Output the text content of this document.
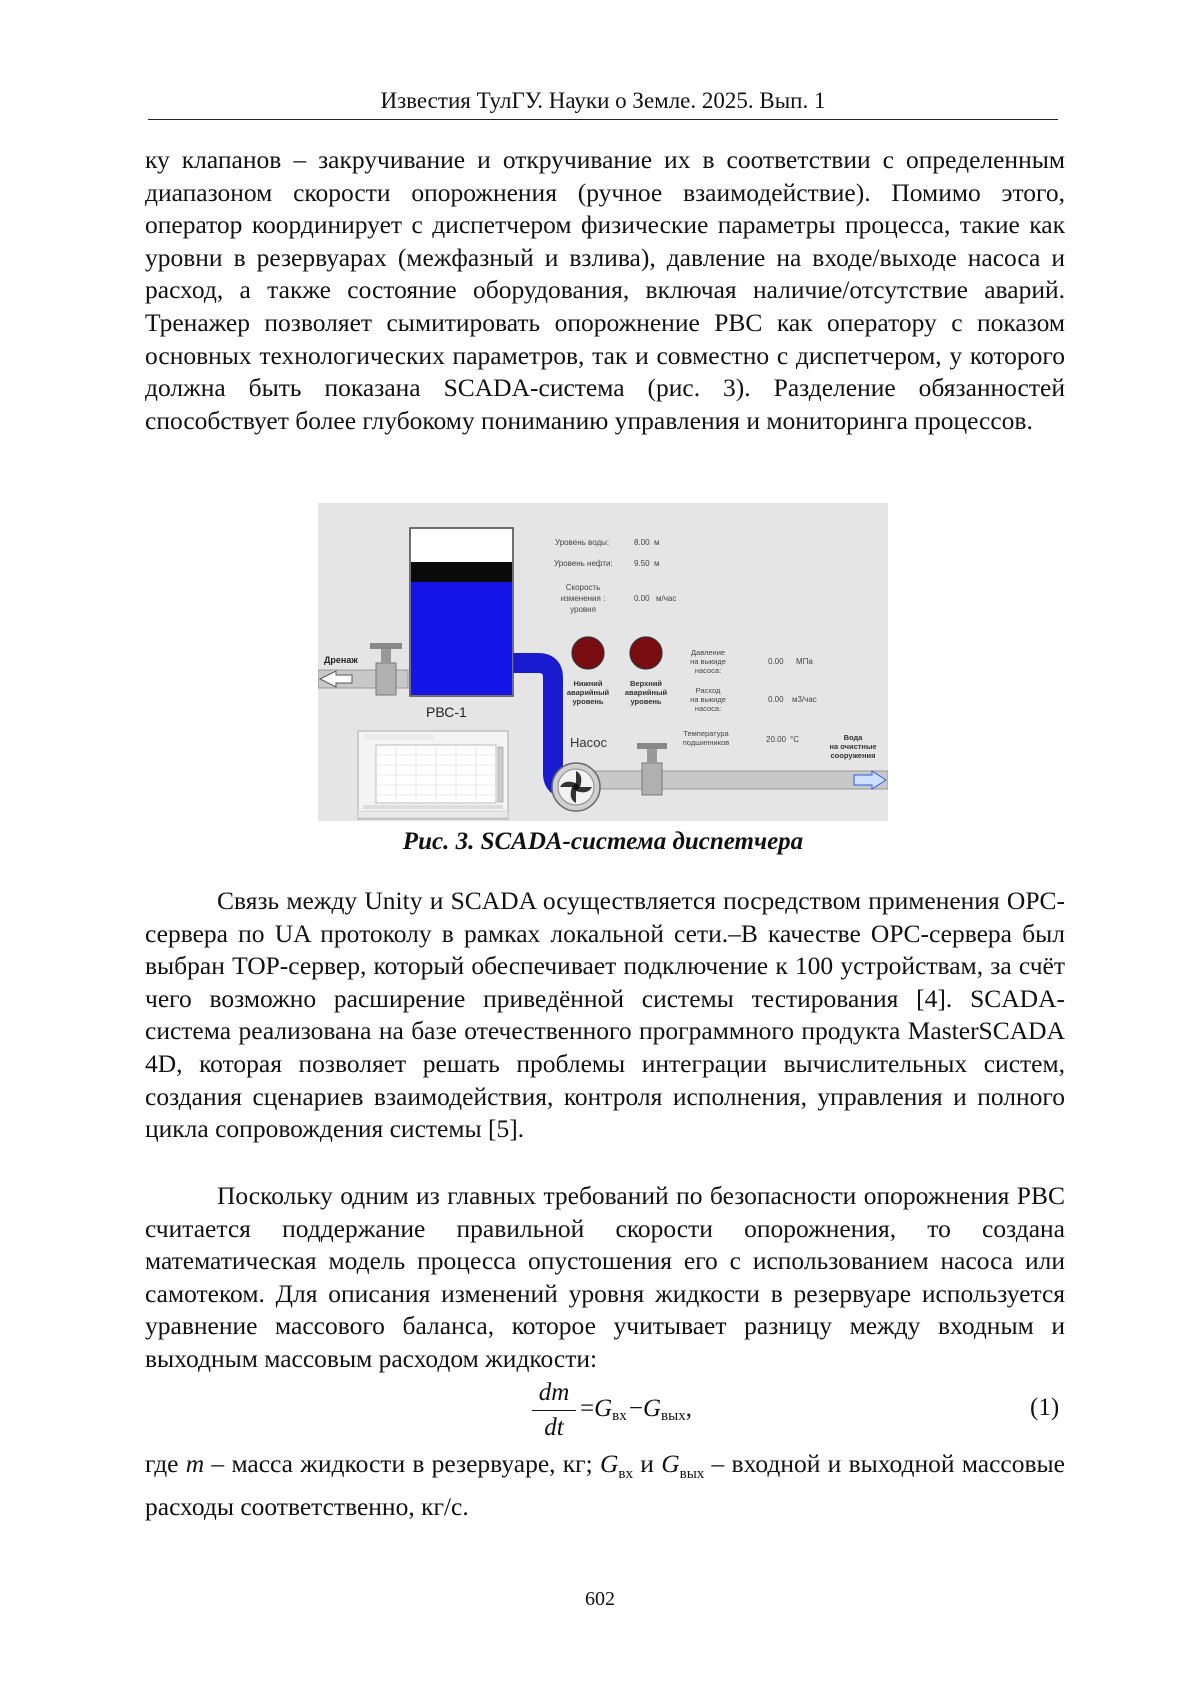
Известия ТулГУ. Науки о Земле. 2025. Вып. 1

ку клапанов – закручивание и откручивание их в соответствии с определенным диапазоном скорости опорожнения (ручное взаимодействие). Помимо этого, оператор координирует с диспетчером физические параметры процесса, такие как уровни в резервуарах (межфазный и взлива), давление на входе/выходе насоса и расход, а также состояние оборудования, включая наличие/отсутствие аварий. Тренажер позволяет сымитировать опорожнение РВС как оператору с показом основных технологических параметров, так и совместно с диспетчером, у которого должна быть показана SCADA-система (рис. 3). Разделение обязанностей способствует более глубокому пониманию управления и мониторинга процессов.

РВС-1
Дренаж
Уровень воды:	8.00 м
Уровень нефти:	9.50 м
Скорость
изменения :
уровня
0.00 м/час
Нижний
аварийный
уровень
Верхний
аварийный
уровень
Давление
на выкиде
насоса:
0.00 МПа
Расход
на выкиде
насоса:
0.00 м3/час
Температура
подшипников	20.00 °С	Вода
на очистные
сооружения
Насос
Рис. 3. SCADA-система диспетчера

Связь между Unity и SCADA осуществляется посредством применения OPC-сервера по UA протоколу в рамках локальной сети.–В качестве OPC-сервера был выбран TOP-сервер, который обеспечивает подключение к 100 устройствам, за счёт чего возможно расширение приведённой системы тестирования [4]. SCADA-система реализована на базе отечественного программного продукта MasterSCADA 4D, которая позволяет решать проблемы интеграции вычислительных систем, создания сценариев взаимодействия, контроля исполнения, управления и полного цикла сопровождения системы [5].

Поскольку одним из главных требований по безопасности опорожнения РВС считается поддержание правильной скорости опорожнения, то создана математическая модель процесса опустошения его с использованием насоса или самотеком. Для описания изменений уровня жидкости в резервуаре используется уравнение массового баланса, которое учитывает разницу между входным и выходным массовым расходом жидкости:

dm
dt
$=G_{вх}$ $-G_{вых}$,	(1)

где m – масса жидкости в резервуаре, кг; $G_{вх}$ и $G_{вых}$ – входной и выходной массовые расходы соответственно, кг/с.

602
